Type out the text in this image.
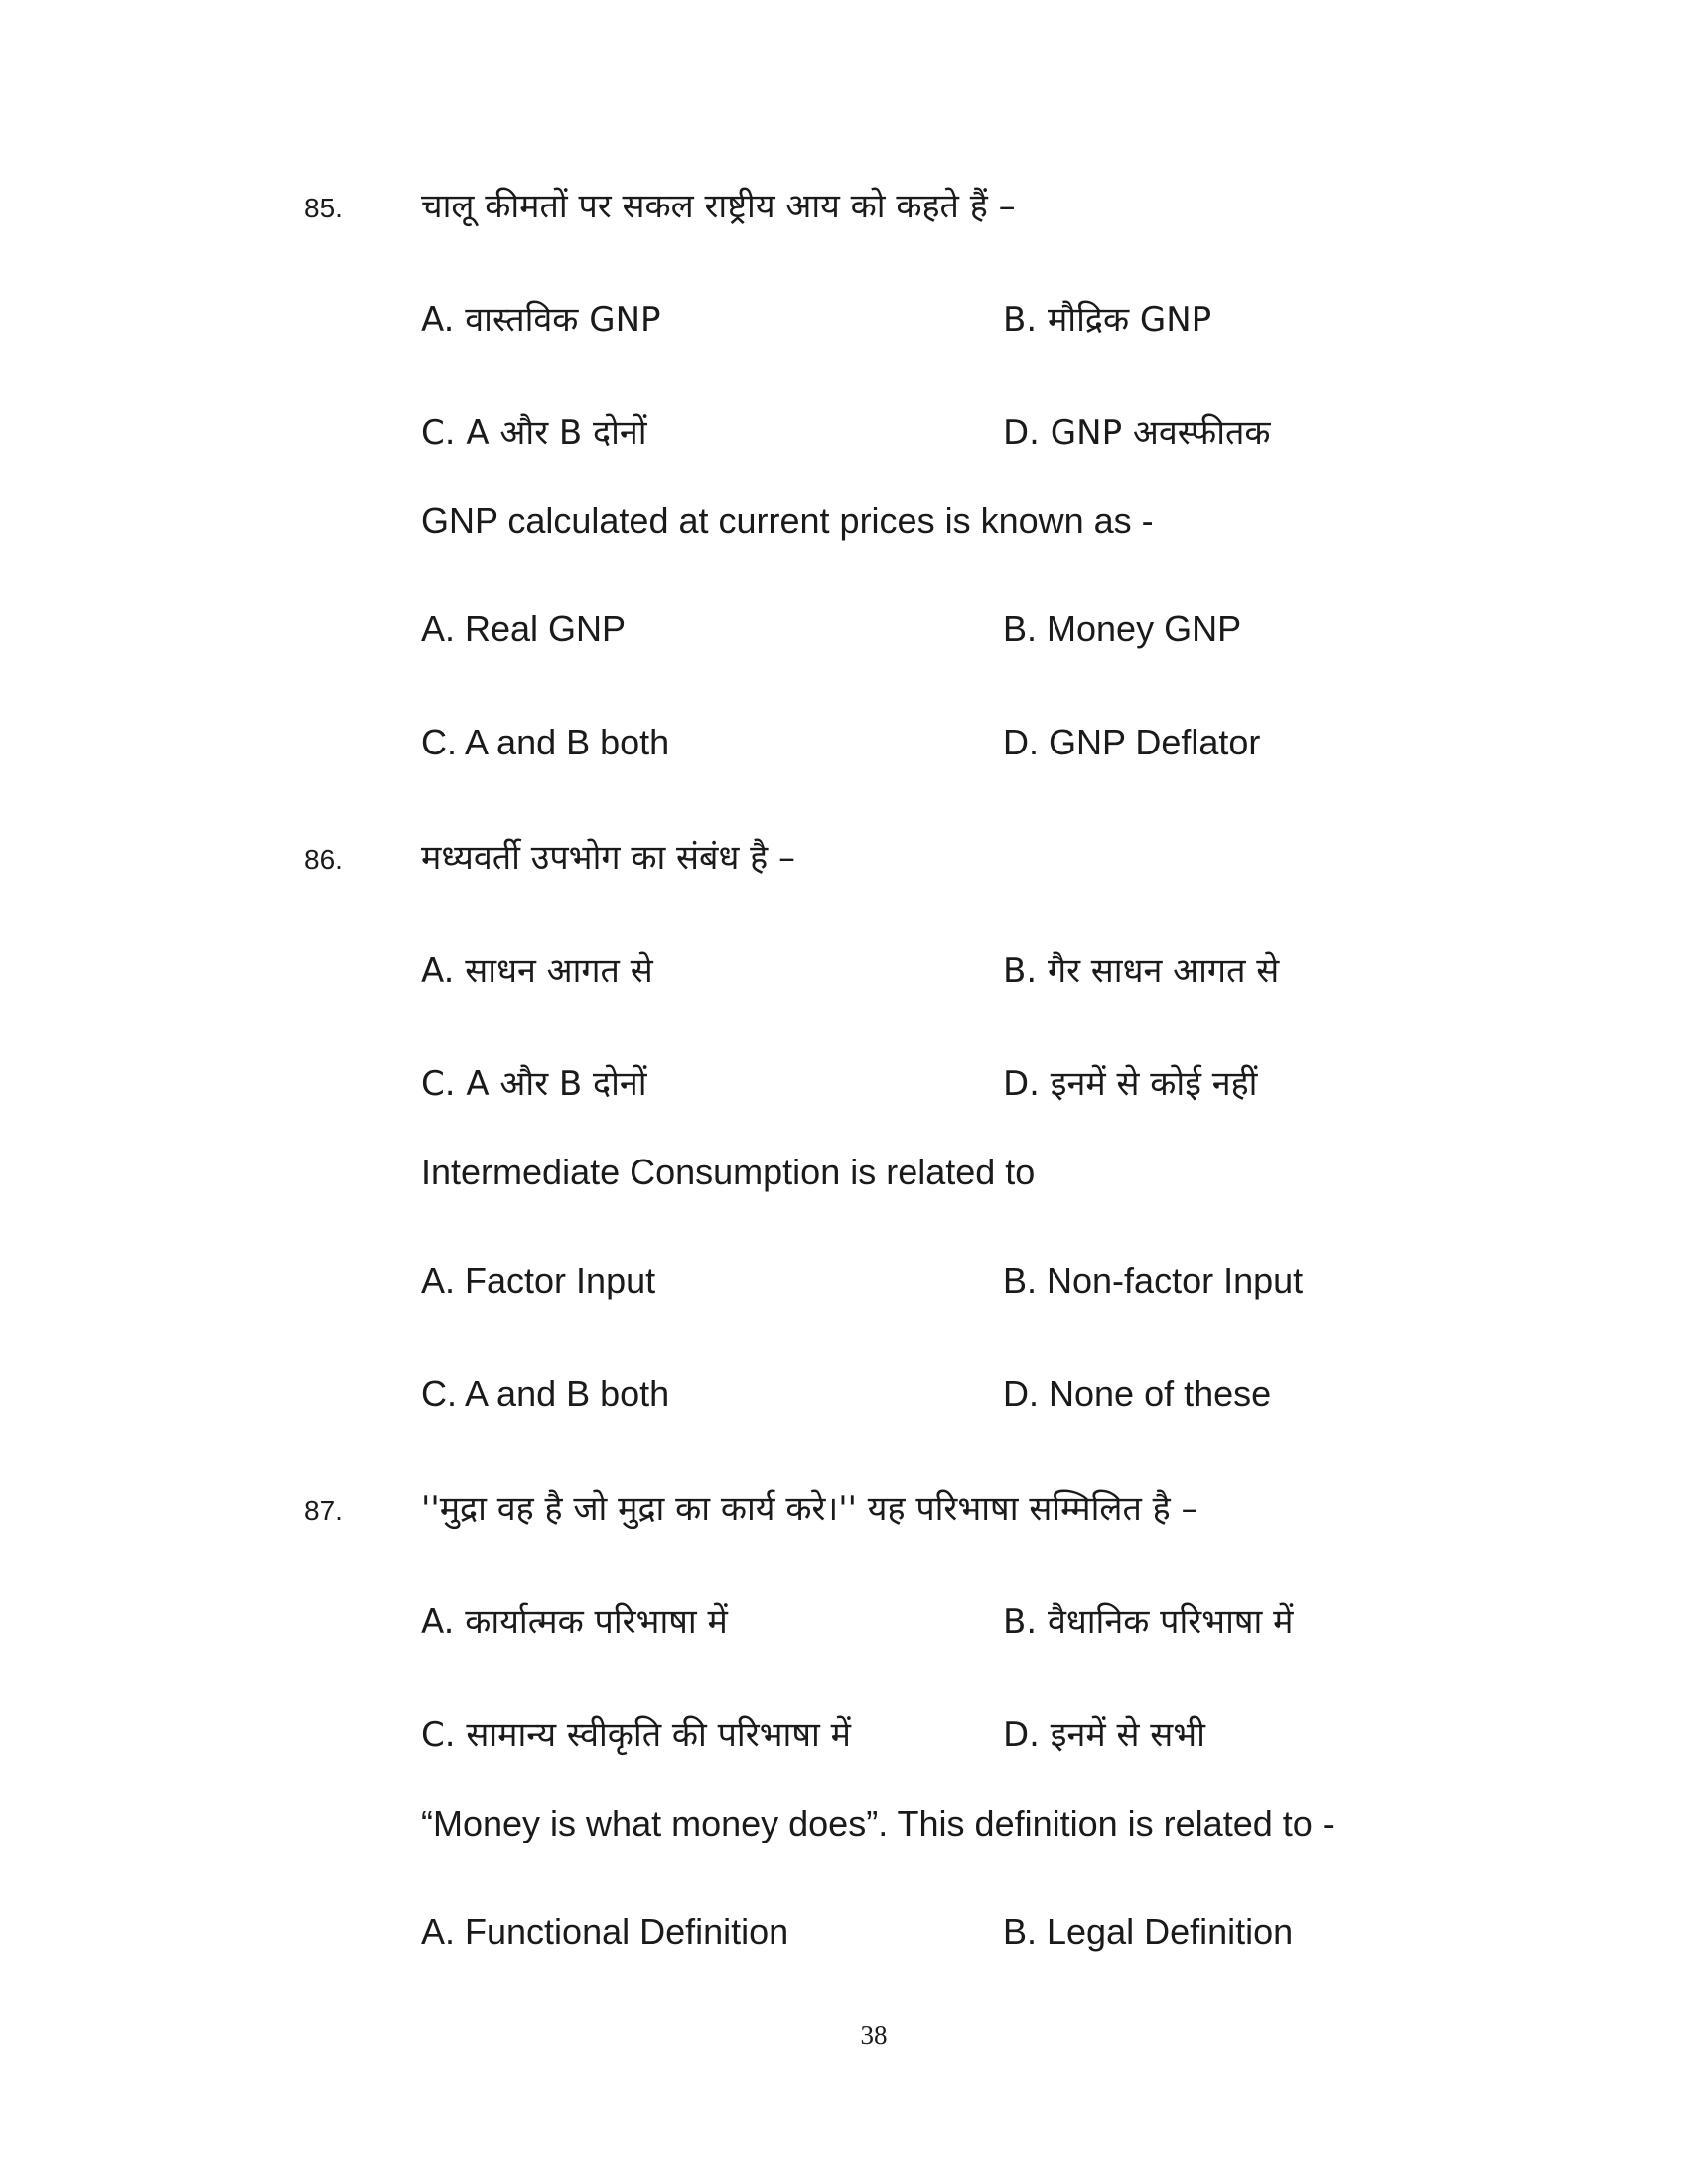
85. चालू कीमतों पर सकल राष्ट्रीय आय को कहते हैं –
A. वास्तविक GNP	B. मौद्रिक GNP
C. A और B दोनों	D. GNP अवस्फीतक
GNP calculated at current prices is known as -
A. Real GNP	B. Money GNP
C. A and B both	D. GNP Deflator
86. मध्यवर्ती उपभोग का संबंध है –
A. साधन आगत से	B. गैर साधन आगत से
C. A और B दोनों	D. इनमें से कोई नहीं
Intermediate Consumption is related to
A. Factor Input	B. Non-factor Input
C. A and B both	D. None of these
87. ''मुद्रा वह है जो मुद्रा का कार्य करे।'' यह परिभाषा सम्मिलित है –
A. कार्यात्मक परिभाषा में	B. वैधानिक परिभाषा में
C. सामान्य स्वीकृति की परिभाषा में	D. इनमें से सभी
“Money is what money does”. This definition is related to -
A. Functional Definition	B. Legal Definition
38
